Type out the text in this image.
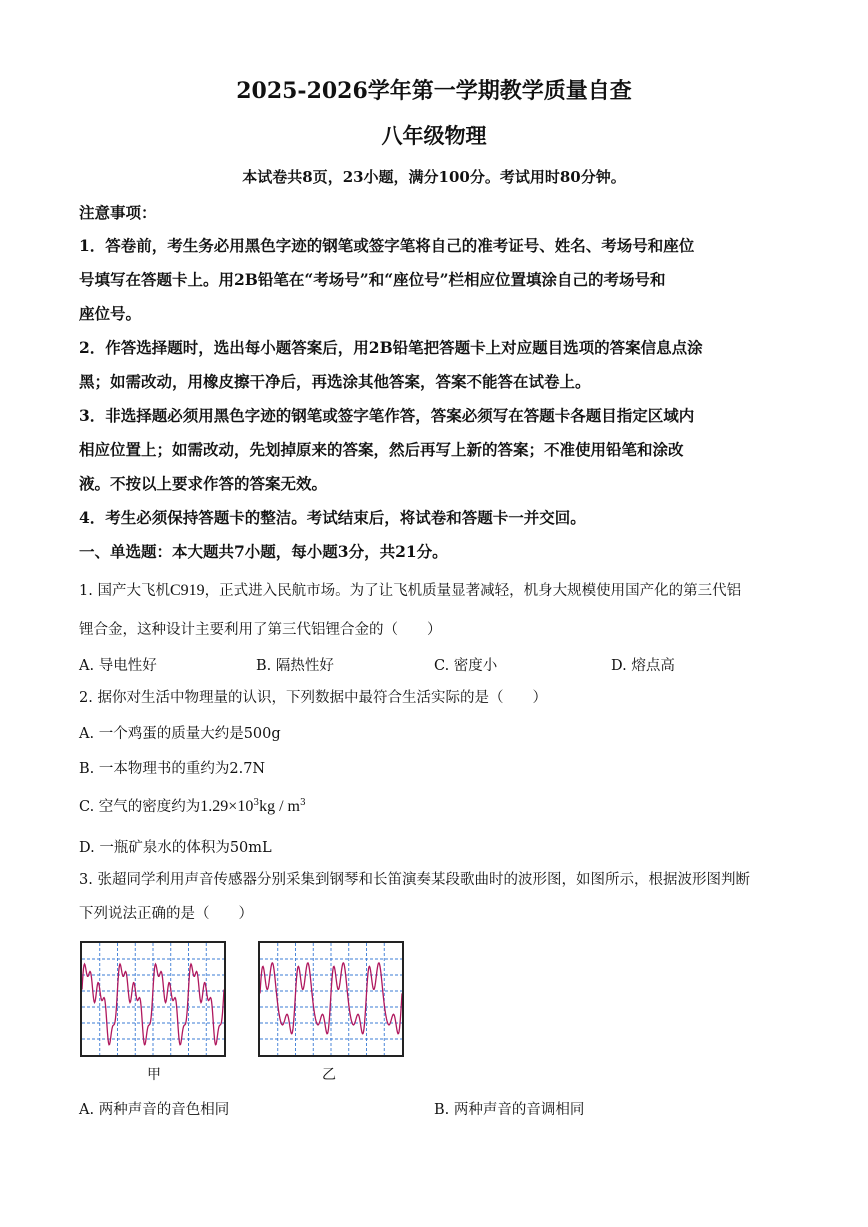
2025-2026学年第一学期教学质量自查
八年级物理
本试卷共8页，23小题，满分100分。考试用时80分钟。
注意事项：
1．答卷前，考生务必用黑色字迹的钢笔或签字笔将自己的准考证号、姓名、考场号和座位
号填写在答题卡上。用2B铅笔在“考场号”和“座位号”栏相应位置填涂自己的考场号和
座位号。
2．作答选择题时，选出每小题答案后，用2B铅笔把答题卡上对应题目选项的答案信息点涂
黑；如需改动，用橡皮擦干净后，再选涂其他答案，答案不能答在试卷上。
3．非选择题必须用黑色字迹的钢笔或签字笔作答，答案必须写在答题卡各题目指定区域内
相应位置上；如需改动，先划掉原来的答案，然后再写上新的答案；不准使用铅笔和涂改
液。不按以上要求作答的答案无效。
4．考生必须保持答题卡的整洁。考试结束后，将试卷和答题卡一并交回。
一、单选题：本大题共7小题，每小题3分，共21分。
1. 国产大飞机C919，正式进入民航市场。为了让飞机质量显著减轻，机身大规模使用国产化的第三代铝
锂合金，这种设计主要利用了第三代铝锂合金的（　　）
A. 导电性好	B. 隔热性好	C. 密度小	D. 熔点高
2. 据你对生活中物理量的认识，下列数据中最符合生活实际的是（　　）
A. 一个鸡蛋的质量大约是500g
B. 一本物理书的重约为2.7N
C. 空气的密度约为$1.29\times 10^3kg / m^3$
D. 一瓶矿泉水的体积为50mL
3. 张超同学利用声音传感器分别采集到钢琴和长笛演奏某段歌曲时的波形图，如图所示，根据波形图判断
下列说法正确的是（　　）
甲	乙
A. 两种声音的音色相同	B. 两种声音的音调相同
